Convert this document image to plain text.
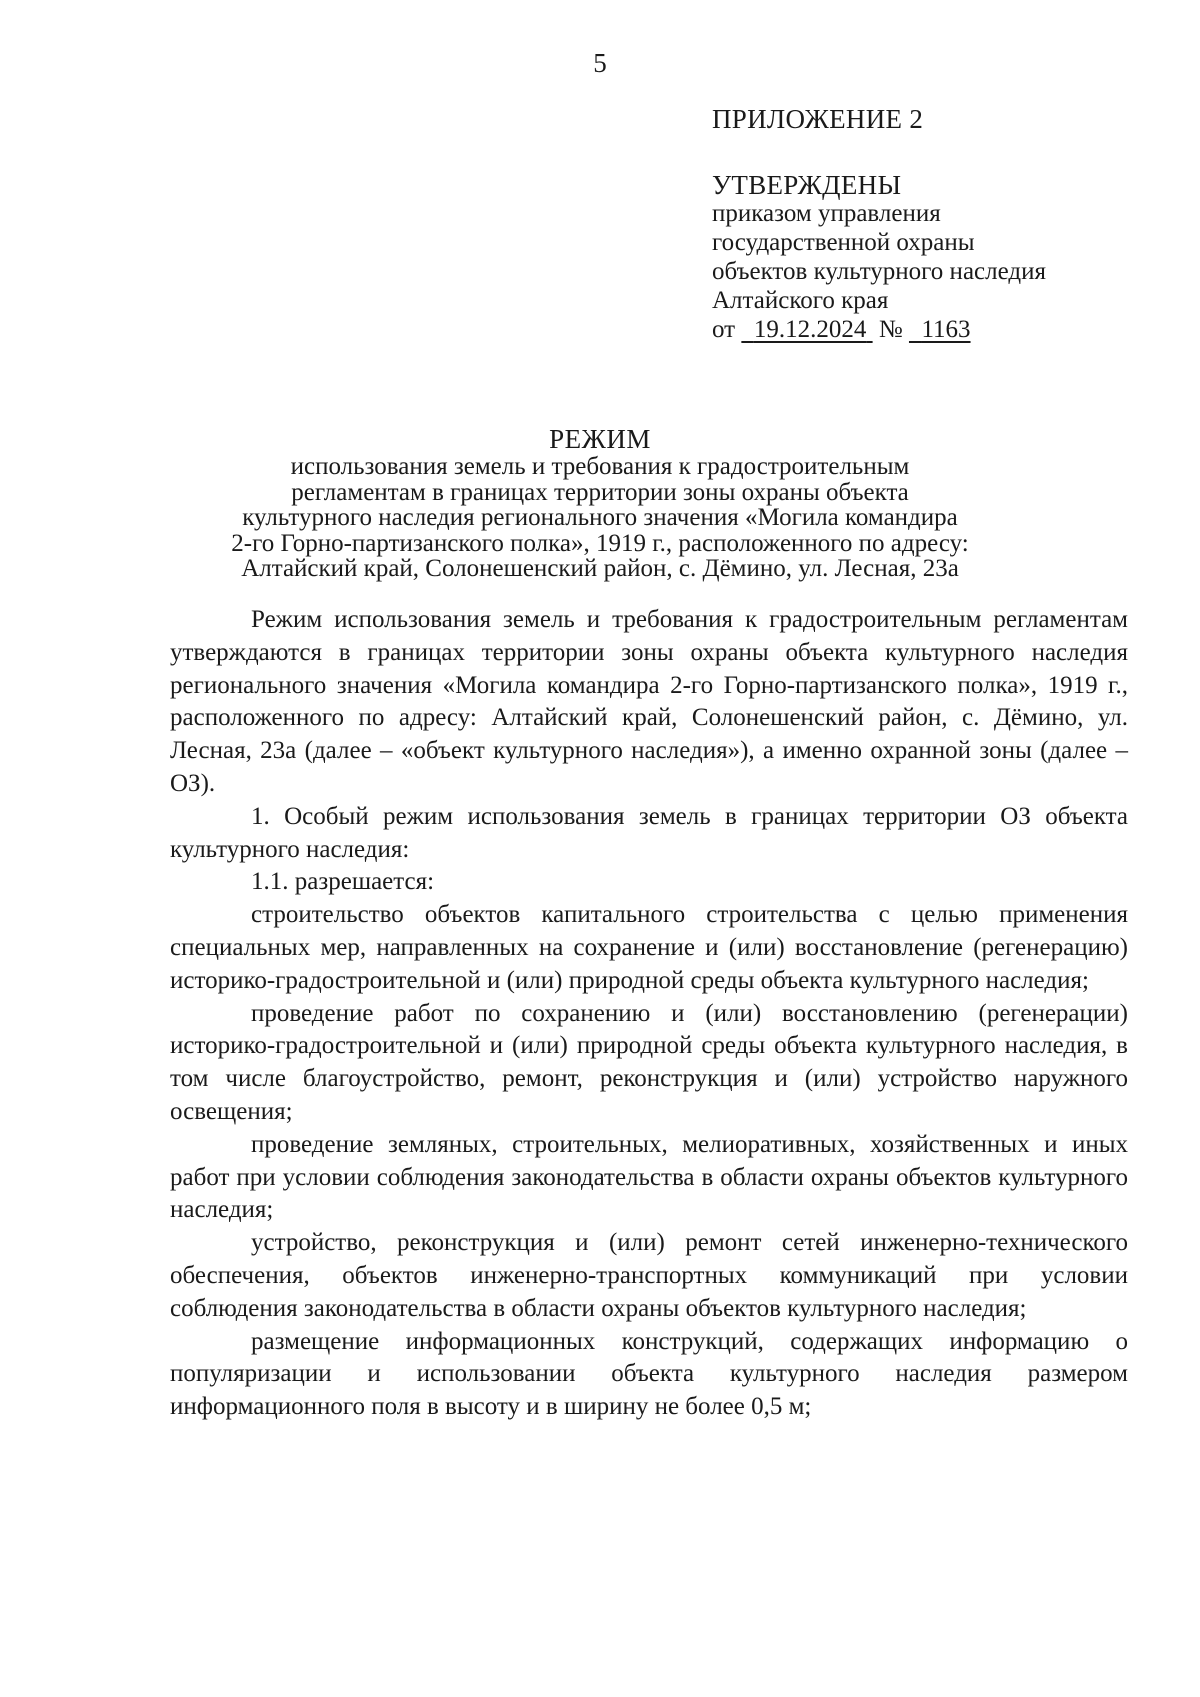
5
ПРИЛОЖЕНИЕ 2
УТВЕРЖДЕНЫ
приказом управления
государственной охраны
объектов культурного наследия
Алтайского края
от 19.12.2024 № 1163
РЕЖИМ
использования земель и требования к градостроительным
регламентам в границах территории зоны охраны объекта
культурного наследия регионального значения «Могила командира
2-го Горно-партизанского полка», 1919 г., расположенного по адресу:
Алтайский край, Солонешенский район, с. Дёмино, ул. Лесная, 23а

Режим использования земель и требования к градостроительным регламентам утверждаются в границах территории зоны охраны объекта культурного наследия регионального значения «Могила командира 2-го Горно-партизанского полка», 1919 г., расположенного по адресу: Алтайский край, Солонешенский район, с. Дёмино, ул. Лесная, 23а (далее – «объект культурного наследия»), а именно охранной зоны (далее – ОЗ).

1. Особый режим использования земель в границах территории ОЗ объекта культурного наследия:

1.1. разрешается:

строительство объектов капитального строительства с целью применения специальных мер, направленных на сохранение и (или) восстановление (регенерацию) историко-градостроительной и (или) природной среды объекта культурного наследия;

проведение работ по сохранению и (или) восстановлению (регенерации) историко-градостроительной и (или) природной среды объекта культурного наследия, в том числе благоустройство, ремонт, реконструкция и (или) устройство наружного освещения;

проведение земляных, строительных, мелиоративных, хозяйственных и иных работ при условии соблюдения законодательства в области охраны объектов культурного наследия;

устройство, реконструкция и (или) ремонт сетей инженерно-технического обеспечения, объектов инженерно-транспортных коммуникаций при условии соблюдения законодательства в области охраны объектов культурного наследия;

размещение информационных конструкций, содержащих информацию о популяризации и использовании объекта культурного наследия размером информационного поля в высоту и в ширину не более 0,5 м;
